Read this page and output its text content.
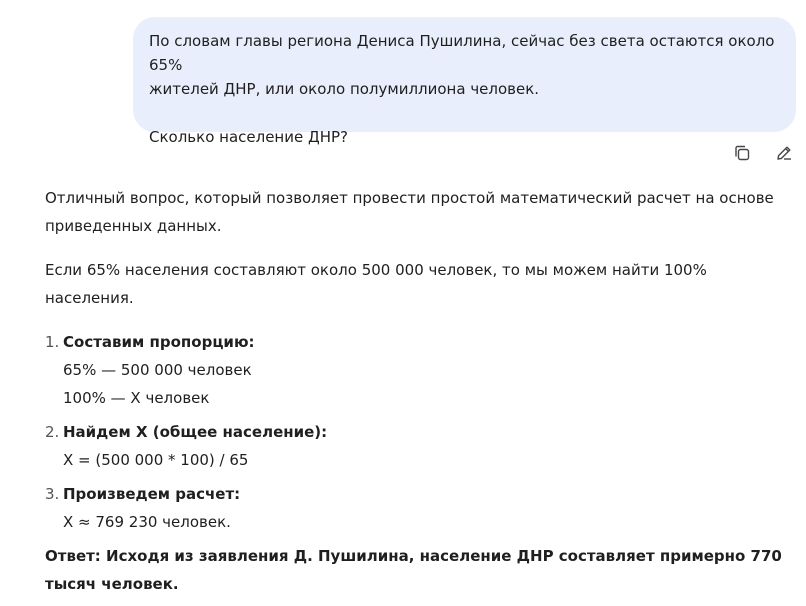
По словам главы региона Дениса Пушилина, сейчас без света остаются около 65%

жителей ДНР, или около полумиллиона человек.

Сколько население ДНР?

Отличный вопрос, который позволяет провести простой математический расчет на основе приведенных данных.

Если 65% населения составляют около 500 000 человек, то мы можем найти 100% населения.

1. Составим пропорцию:
65% — 500 000 человек
100% — X человек
2. Найдем X (общее население):
X = (500 000 * 100) / 65
3. Произведем расчет:
X ≈ 769 230 человек.

Ответ: Исходя из заявления Д. Пушилина, население ДНР составляет примерно 770 тысяч человек.
